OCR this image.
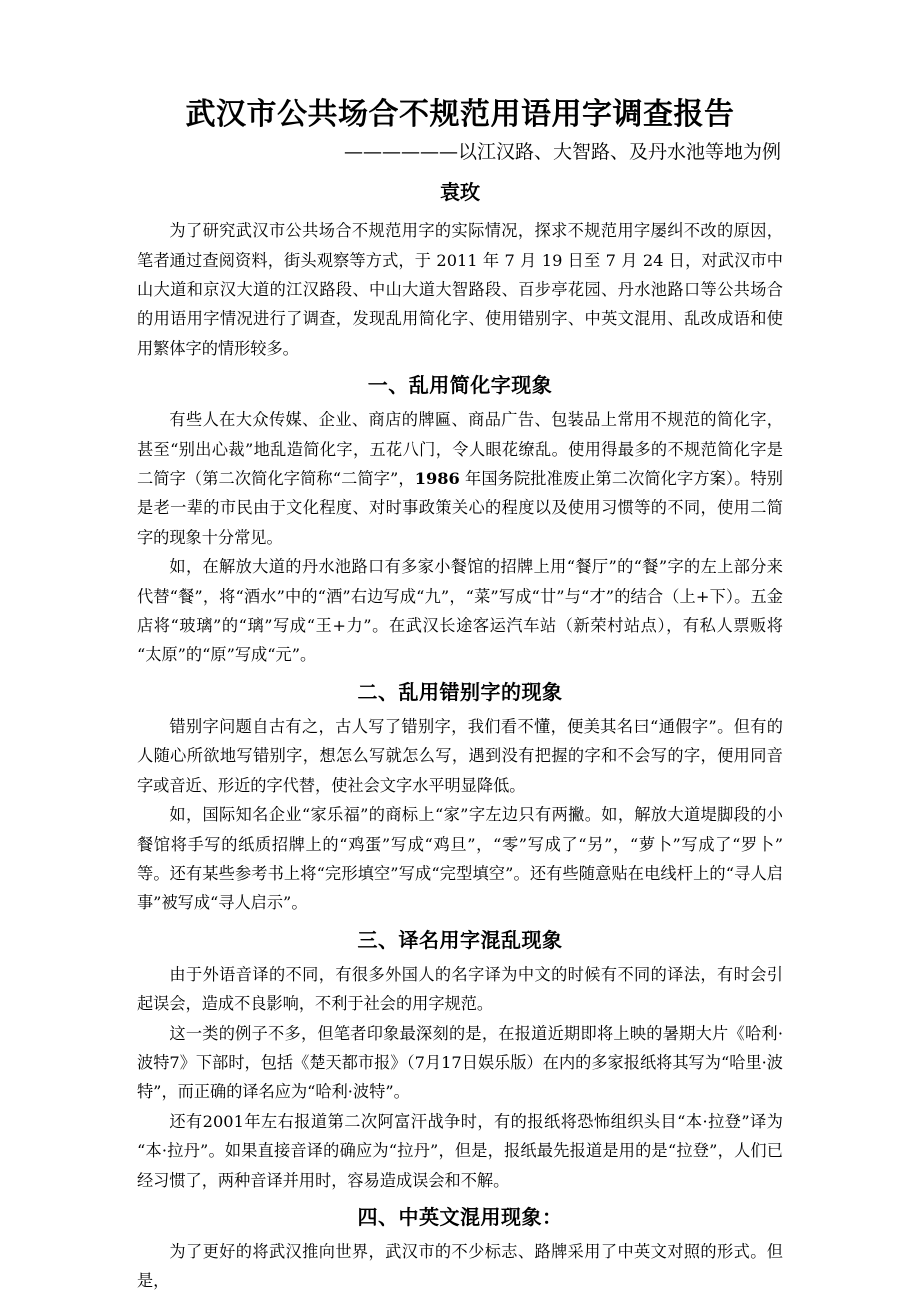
武汉市公共场合不规范用语用字调查报告
——————以江汉路、大智路、及丹水池等地为例
袁玫

为了研究武汉市公共场合不规范用字的实际情况，探求不规范用字屡纠不改的原因，笔者通过查阅资料，街头观察等方式，于 2011 年 7 月 19 日至 7 月 24 日，对武汉市中山大道和京汉大道的江汉路段、中山大道大智路段、百步亭花园、丹水池路口等公共场合的用语用字情况进行了调查，发现乱用简化字、使用错别字、中英文混用、乱改成语和使用繁体字的情形较多。

一、乱用简化字现象

有些人在大众传媒、企业、商店的牌匾、商品广告、包装品上常用不规范的简化字，甚至“别出心裁”地乱造简化字，五花八门，令人眼花缭乱。使用得最多的不规范简化字是二简字（第二次简化字简称“二简字”，1986 年国务院批准废止第二次简化字方案）。特别是老一辈的市民由于文化程度、对时事政策关心的程度以及使用习惯等的不同，使用二简字的现象十分常见。

如，在解放大道的丹水池路口有多家小餐馆的招牌上用“餐厅”的“餐”字的左上部分来代替“餐”，将“酒水”中的“酒”右边写成“九”，“菜”写成“廿”与“才”的结合（上+下）。五金店将“玻璃”的“璃”写成“王+力”。在武汉长途客运汽车站（新荣村站点），有私人票贩将“太原”的“原”写成“元”。

二、乱用错别字的现象

错别字问题自古有之，古人写了错别字，我们看不懂，便美其名曰“通假字”。但有的人随心所欲地写错别字，想怎么写就怎么写，遇到没有把握的字和不会写的字，便用同音字或音近、形近的字代替，使社会文字水平明显降低。

如，国际知名企业“家乐福”的商标上“家”字左边只有两撇。如，解放大道堤脚段的小餐馆将手写的纸质招牌上的“鸡蛋”写成“鸡旦”，“零”写成了“另”，“萝卜”写成了“罗卜”等。还有某些参考书上将“完形填空”写成“完型填空”。还有些随意贴在电线杆上的“寻人启事”被写成“寻人启示”。

三、译名用字混乱现象

由于外语音译的不同，有很多外国人的名字译为中文的时候有不同的译法，有时会引起误会，造成不良影响，不利于社会的用字规范。

这一类的例子不多，但笔者印象最深刻的是，在报道近期即将上映的暑期大片《哈利·波特7》下部时，包括《楚天都市报》（7月17日娱乐版）在内的多家报纸将其写为“哈里·波特”，而正确的译名应为“哈利·波特”。

还有2001年左右报道第二次阿富汗战争时，有的报纸将恐怖组织头目“本·拉登”译为“本·拉丹”。如果直接音译的确应为“拉丹”，但是，报纸最先报道是用的是“拉登”，人们已经习惯了，两种音译并用时，容易造成误会和不解。

四、中英文混用现象：

为了更好的将武汉推向世界，武汉市的不少标志、路牌采用了中英文对照的形式。但是，
